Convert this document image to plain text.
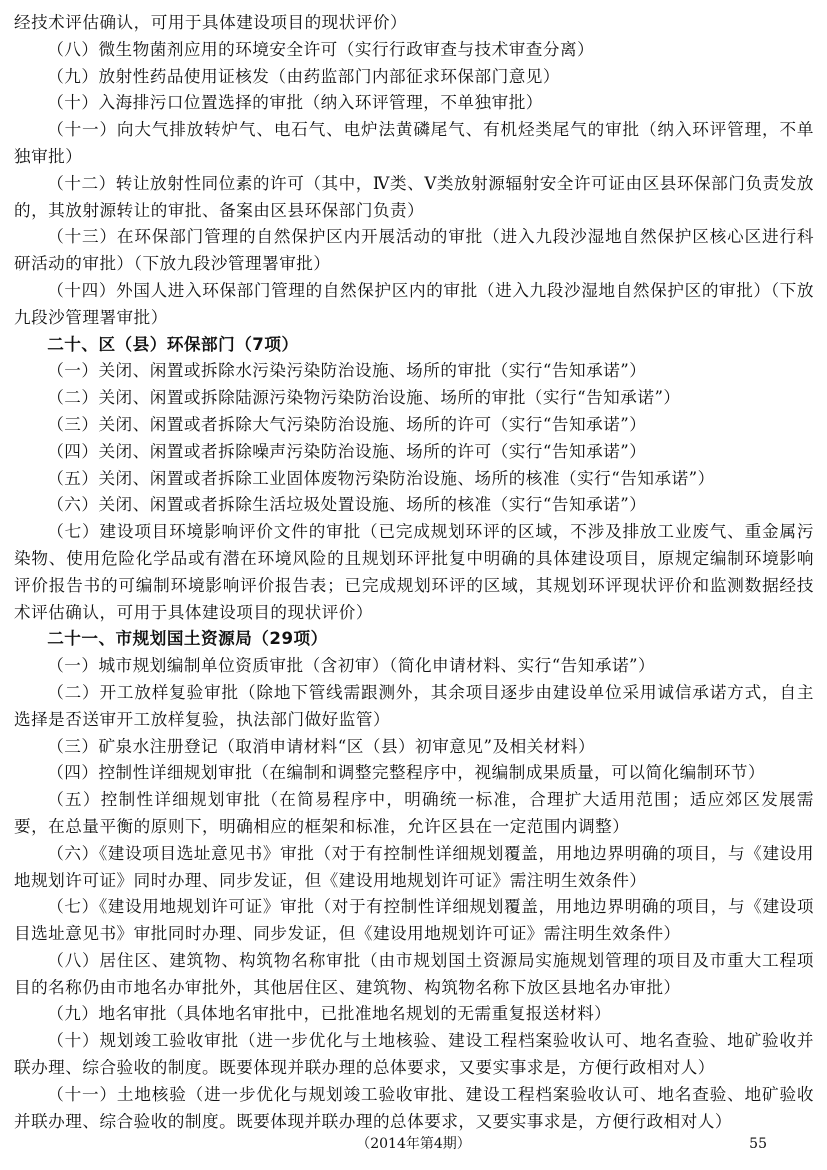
经技术评估确认，可用于具体建设项目的现状评价）

（八）微生物菌剂应用的环境安全许可（实行行政审查与技术审查分离）

（九）放射性药品使用证核发（由药监部门内部征求环保部门意见）

（十）入海排污口位置选择的审批（纳入环评管理，不单独审批）

（十一）向大气排放转炉气、电石气、电炉法黄磷尾气、有机烃类尾气的审批（纳入环评管理，不单独审批）

（十二）转让放射性同位素的许可（其中，Ⅳ类、Ⅴ类放射源辐射安全许可证由区县环保部门负责发放的，其放射源转让的审批、备案由区县环保部门负责）

（十三）在环保部门管理的自然保护区内开展活动的审批（进入九段沙湿地自然保护区核心区进行科研活动的审批）（下放九段沙管理署审批）

（十四）外国人进入环保部门管理的自然保护区内的审批（进入九段沙湿地自然保护区的审批）（下放九段沙管理署审批）

二十、区（县）环保部门（7项）

（一）关闭、闲置或拆除水污染污染防治设施、场所的审批（实行“告知承诺”）

（二）关闭、闲置或拆除陆源污染物污染防治设施、场所的审批（实行“告知承诺”）

（三）关闭、闲置或者拆除大气污染防治设施、场所的许可（实行“告知承诺”）

（四）关闭、闲置或者拆除噪声污染防治设施、场所的许可（实行“告知承诺”）

（五）关闭、闲置或者拆除工业固体废物污染防治设施、场所的核准（实行“告知承诺”）

（六）关闭、闲置或者拆除生活垃圾处置设施、场所的核准（实行“告知承诺”）

（七）建设项目环境影响评价文件的审批（已完成规划环评的区域，不涉及排放工业废气、重金属污染物、使用危险化学品或有潜在环境风险的且规划环评批复中明确的具体建设项目，原规定编制环境影响评价报告书的可编制环境影响评价报告表；已完成规划环评的区域，其规划环评现状评价和监测数据经技术评估确认，可用于具体建设项目的现状评价）

二十一、市规划国土资源局（29项）

（一）城市规划编制单位资质审批（含初审）（简化申请材料、实行“告知承诺”）

（二）开工放样复验审批（除地下管线需跟测外，其余项目逐步由建设单位采用诚信承诺方式，自主选择是否送审开工放样复验，执法部门做好监管）

（三）矿泉水注册登记（取消申请材料“区（县）初审意见”及相关材料）

（四）控制性详细规划审批（在编制和调整完整程序中，视编制成果质量，可以简化编制环节）

（五）控制性详细规划审批（在简易程序中，明确统一标准，合理扩大适用范围；适应郊区发展需要，在总量平衡的原则下，明确相应的框架和标准，允许区县在一定范围内调整）

（六）《建设项目选址意见书》审批（对于有控制性详细规划覆盖，用地边界明确的项目，与《建设用地规划许可证》同时办理、同步发证，但《建设用地规划许可证》需注明生效条件）

（七）《建设用地规划许可证》审批（对于有控制性详细规划覆盖，用地边界明确的项目，与《建设项目选址意见书》审批同时办理、同步发证，但《建设用地规划许可证》需注明生效条件）

（八）居住区、建筑物、构筑物名称审批（由市规划国土资源局实施规划管理的项目及市重大工程项目的名称仍由市地名办审批外，其他居住区、建筑物、构筑物名称下放区县地名办审批）

（九）地名审批（具体地名审批中，已批准地名规划的无需重复报送材料）

（十）规划竣工验收审批（进一步优化与土地核验、建设工程档案验收认可、地名查验、地矿验收并联办理、综合验收的制度。既要体现并联办理的总体要求，又要实事求是，方便行政相对人）

（十一）土地核验（进一步优化与规划竣工验收审批、建设工程档案验收认可、地名查验、地矿验收并联办理、综合验收的制度。既要体现并联办理的总体要求，又要实事求是，方便行政相对人）

（2014年第4期）	55
